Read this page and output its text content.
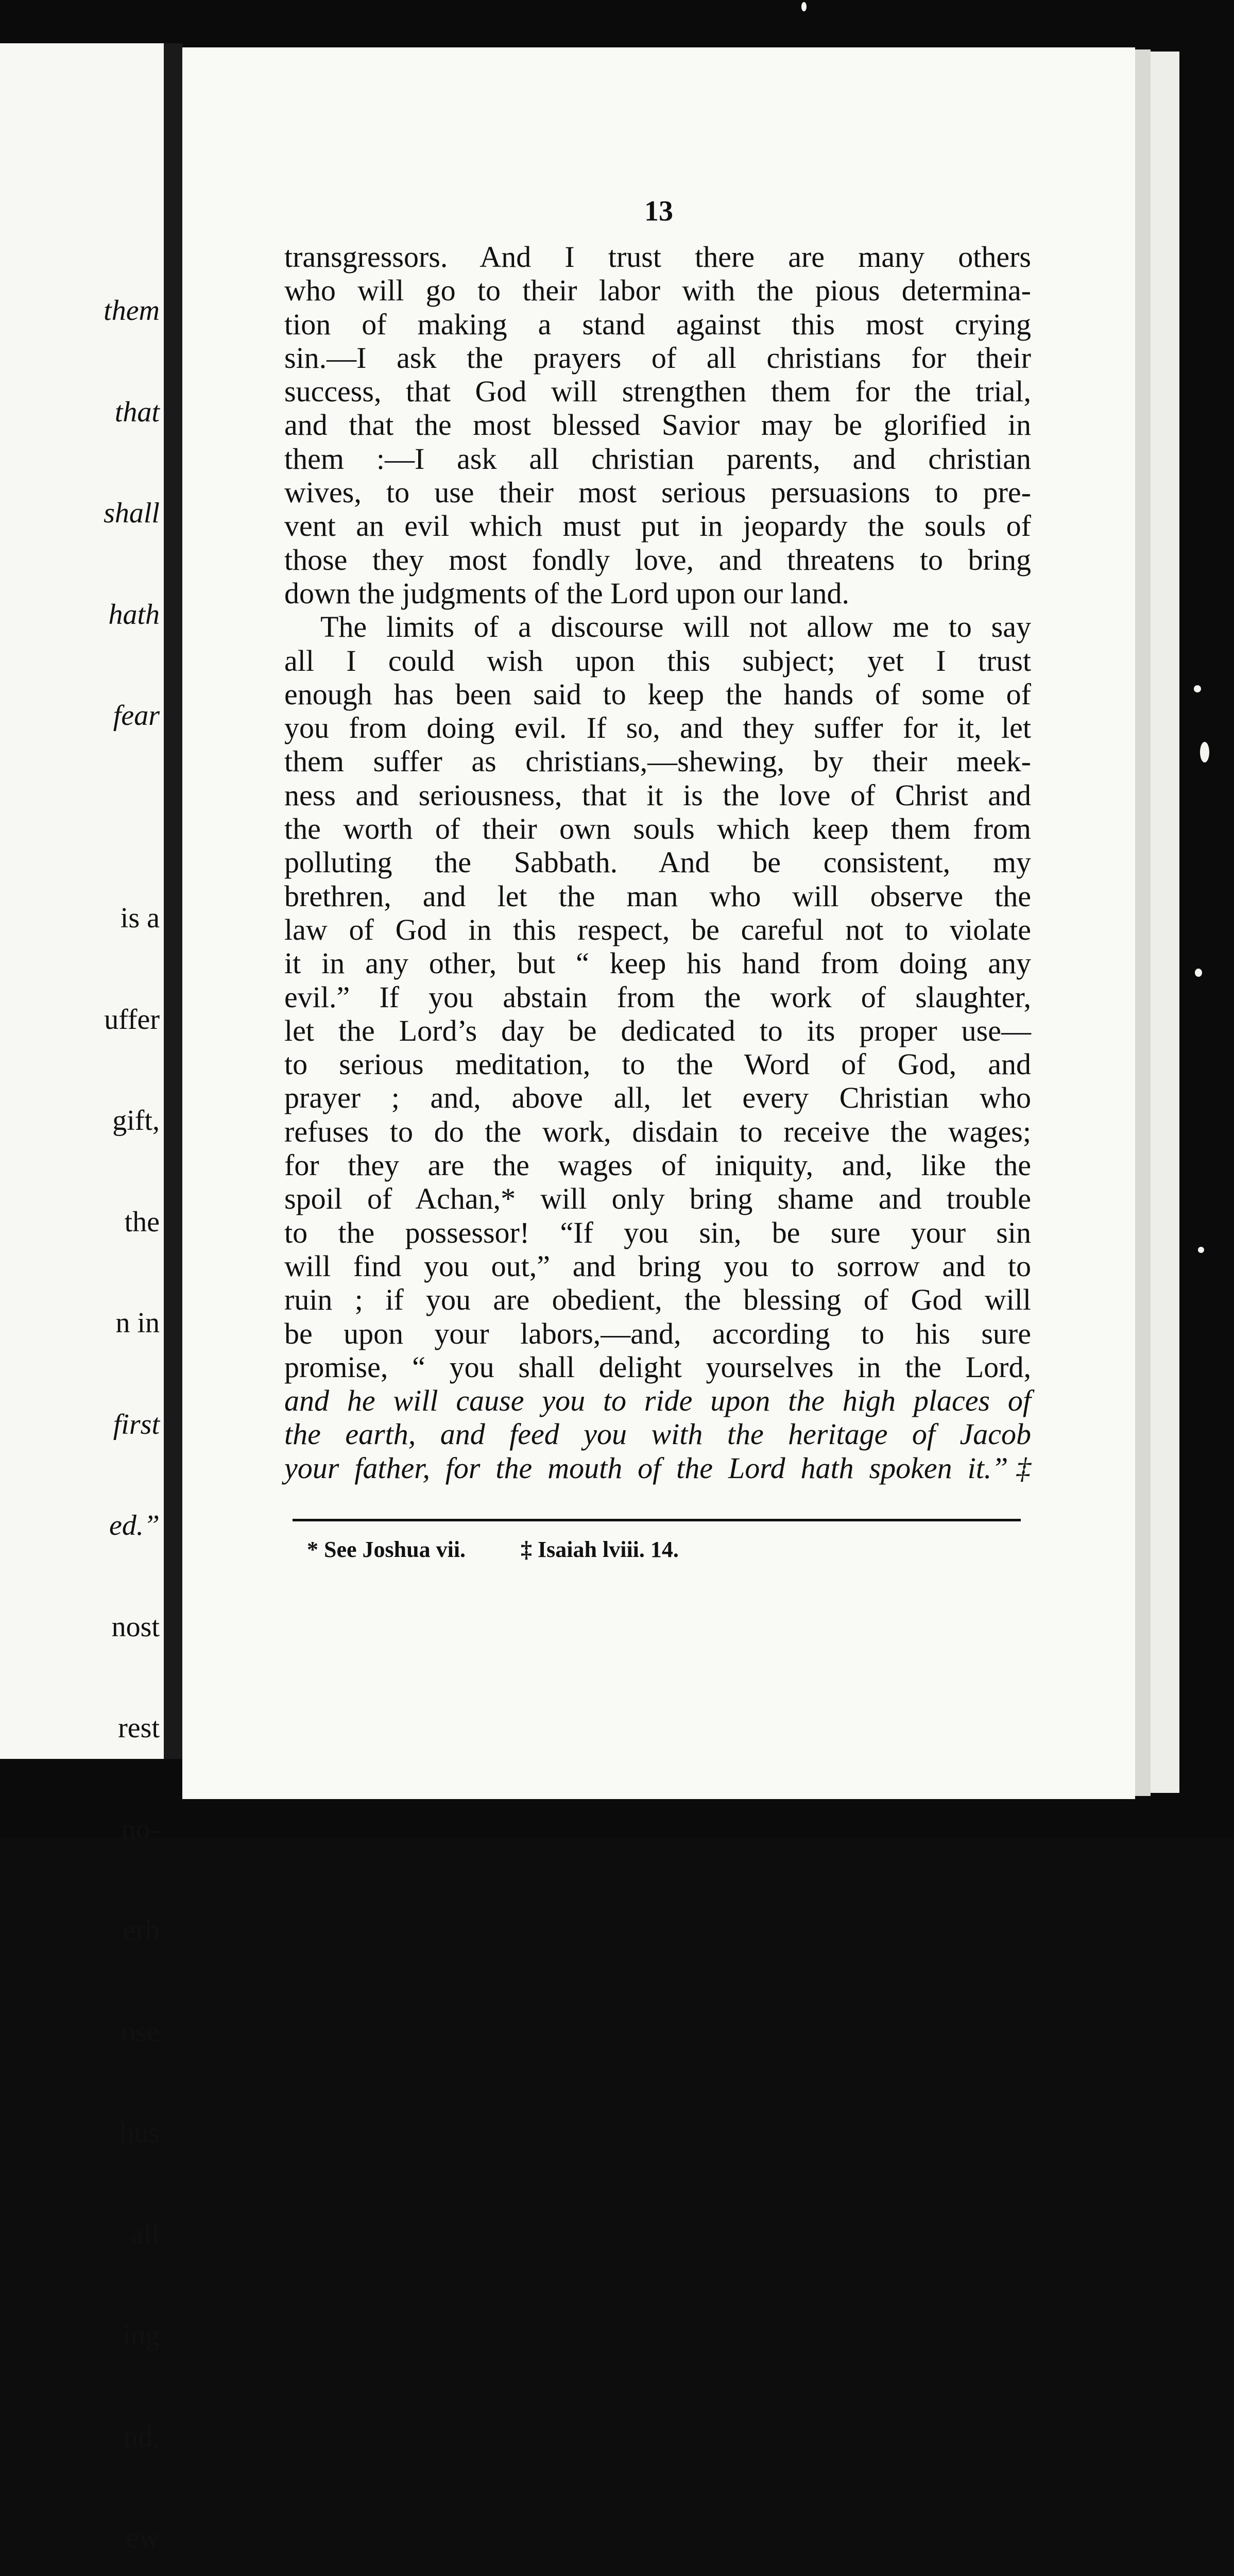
them

that

shall

hath

fear

is a

uffer

gift,

the

n in

first

ed.”

nost

rest

no-

erb

ose

hus

all

ing

nd,

ew

13
transgressors. And I trust there are many others
who will go to their labor with the pious determina-
tion of making a stand against this most crying
sin.—I ask the prayers of all christians for their
success, that God will strengthen them for the trial,
and that the most blessed Savior may be glorified in
them :—I ask all christian parents, and christian
wives, to use their most serious persuasions to pre-
vent an evil which must put in jeopardy the souls of
those they most fondly love, and threatens to bring
down the judgments of the Lord upon our land.
The limits of a discourse will not allow me to say
all I could wish upon this subject; yet I trust
enough has been said to keep the hands of some of
you from doing evil. If so, and they suffer for it, let
them suffer as christians,—shewing, by their meek-
ness and seriousness, that it is the love of Christ and
the worth of their own souls which keep them from
polluting the Sabbath. And be consistent, my
brethren, and let the man who will observe the
law of God in this respect, be careful not to violate
it in any other, but “ keep his hand from doing any
evil.” If you abstain from the work of slaughter,
let the Lord’s day be dedicated to its proper use—
to serious meditation, to the Word of God, and
prayer ; and, above all, let every Christian who
refuses to do the work, disdain to receive the wages;
for they are the wages of iniquity, and, like the
spoil of Achan,* will only bring shame and trouble
to the possessor! “If you sin, be sure your sin
will find you out,” and bring you to sorrow and to
ruin ; if you are obedient, the blessing of God will
be upon your labors,—and, according to his sure
promise, “ you shall delight yourselves in the Lord,
and he will cause you to ride upon the high places of
the earth, and feed you with the heritage of Jacob
your father, for the mouth of the Lord hath spoken it.”‡
* See Joshua vii. ‡ Isaiah lviii. 14.
